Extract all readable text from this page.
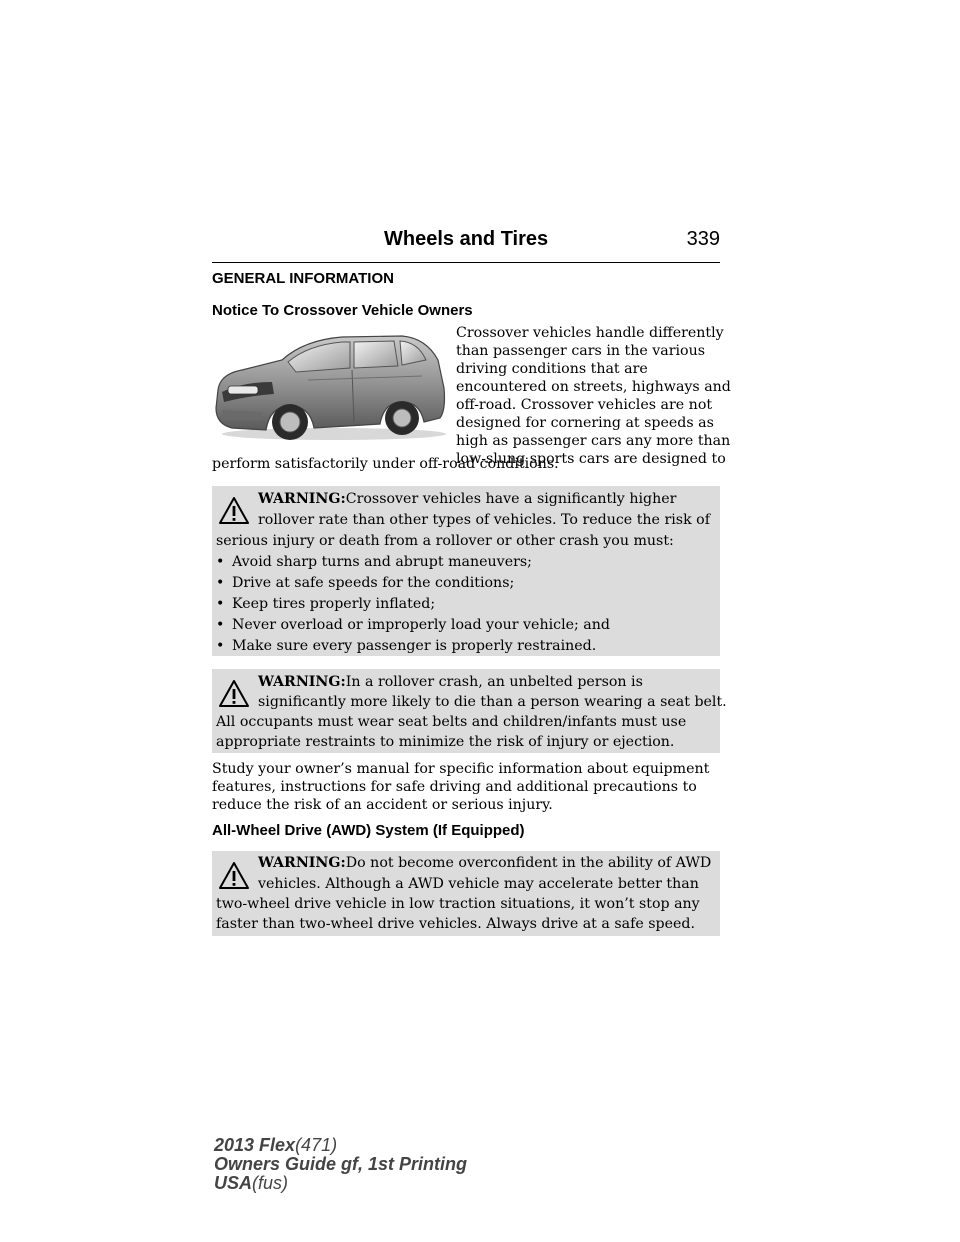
Wheels and Tires	339
GENERAL INFORMATION
Notice To Crossover Vehicle Owners
Crossover vehicles handle differently
than passenger cars in the various
driving conditions that are
encountered on streets, highways and
off-road. Crossover vehicles are not
designed for cornering at speeds as
high as passenger cars any more than
low-slung sports cars are designed to
perform satisfactorily under off-road conditions.
WARNING:Crossover vehicles have a significantly higher
rollover rate than other types of vehicles. To reduce the risk of
serious injury or death from a rollover or other crash you must:
• Avoid sharp turns and abrupt maneuvers;
• Drive at safe speeds for the conditions;
• Keep tires properly inflated;
• Never overload or improperly load your vehicle; and
• Make sure every passenger is properly restrained.
WARNING:In a rollover crash, an unbelted person is
significantly more likely to die than a person wearing a seat belt.
All occupants must wear seat belts and children/infants must use
appropriate restraints to minimize the risk of injury or ejection.
Study your owner’s manual for specific information about equipment
features, instructions for safe driving and additional precautions to
reduce the risk of an accident or serious injury.
All-Wheel Drive (AWD) System (If Equipped)
WARNING:Do not become overconfident in the ability of AWD
vehicles. Although a AWD vehicle may accelerate better than
two-wheel drive vehicle in low traction situations, it won’t stop any
faster than two-wheel drive vehicles. Always drive at a safe speed.
2013 Flex(471)
Owners Guide gf, 1st Printing
USA(fus)
